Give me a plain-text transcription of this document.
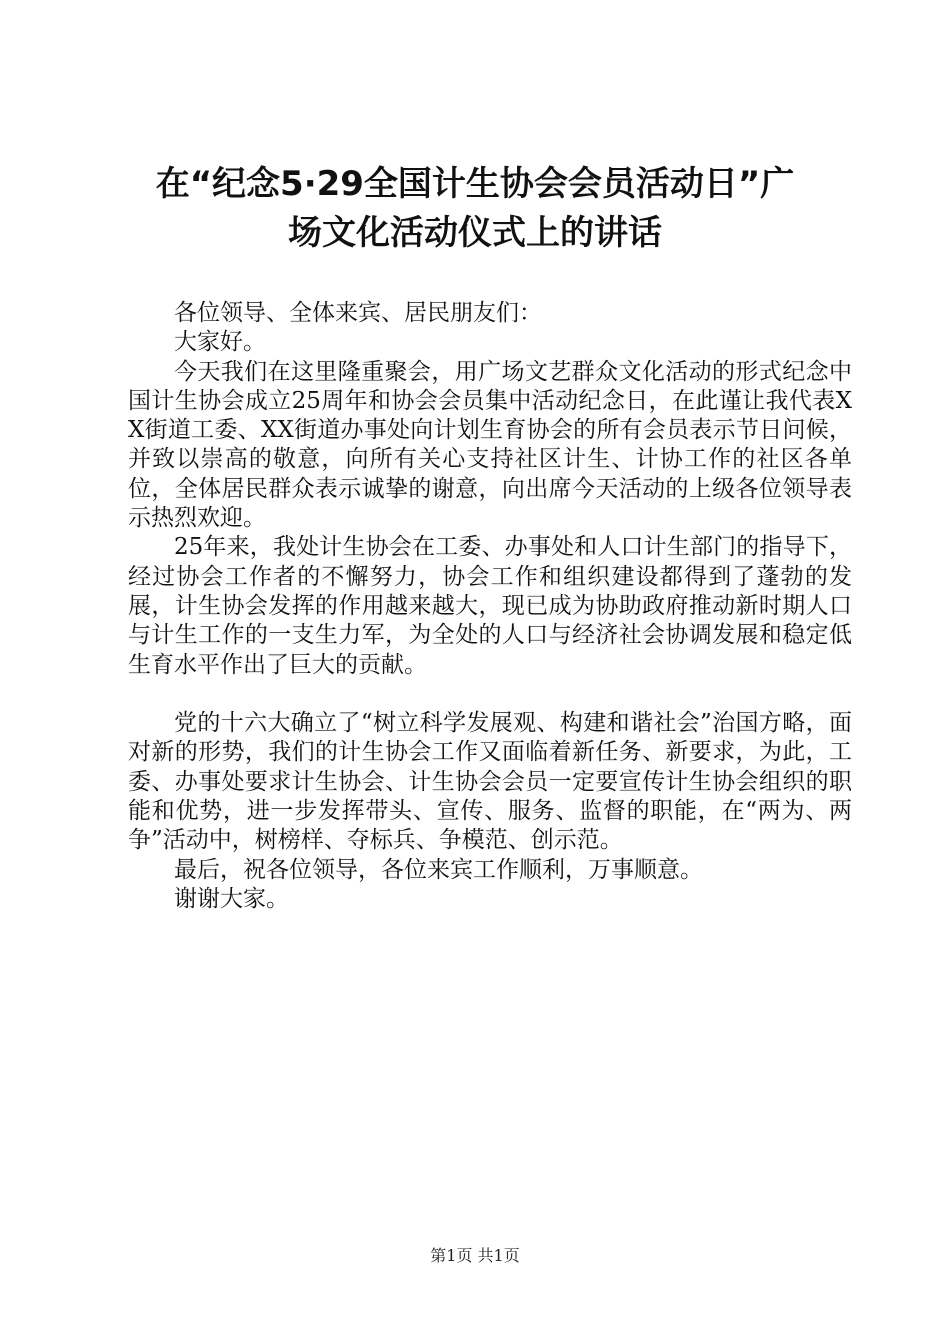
在“纪念5·29全国计生协会会员活动日”广
场文化活动仪式上的讲话

各位领导、全体来宾、居民朋友们：

大家好。

今天我们在这里隆重聚会，用广场文艺群众文化活动的形式纪念中国计生协会成立25周年和协会会员集中活动纪念日，在此谨让我代表XX街道工委、XX街道办事处向计划生育协会的所有会员表示节日问候，并致以崇高的敬意，向所有关心支持社区计生、计协工作的社区各单位，全体居民群众表示诚挚的谢意，向出席今天活动的上级各位领导表示热烈欢迎。

25年来，我处计生协会在工委、办事处和人口计生部门的指导下，经过协会工作者的不懈努力，协会工作和组织建设都得到了蓬勃的发展，计生协会发挥的作用越来越大，现已成为协助政府推动新时期人口与计生工作的一支生力军，为全处的人口与经济社会协调发展和稳定低生育水平作出了巨大的贡献。

党的十六大确立了“树立科学发展观、构建和谐社会”治国方略，面对新的形势，我们的计生协会工作又面临着新任务、新要求，为此，工委、办事处要求计生协会、计生协会会员一定要宣传计生协会组织的职能和优势，进一步发挥带头、宣传、服务、监督的职能，在“两为、两争”活动中，树榜样、夺标兵、争模范、创示范。

最后，祝各位领导，各位来宾工作顺利，万事顺意。

谢谢大家。

第1页 共1页
